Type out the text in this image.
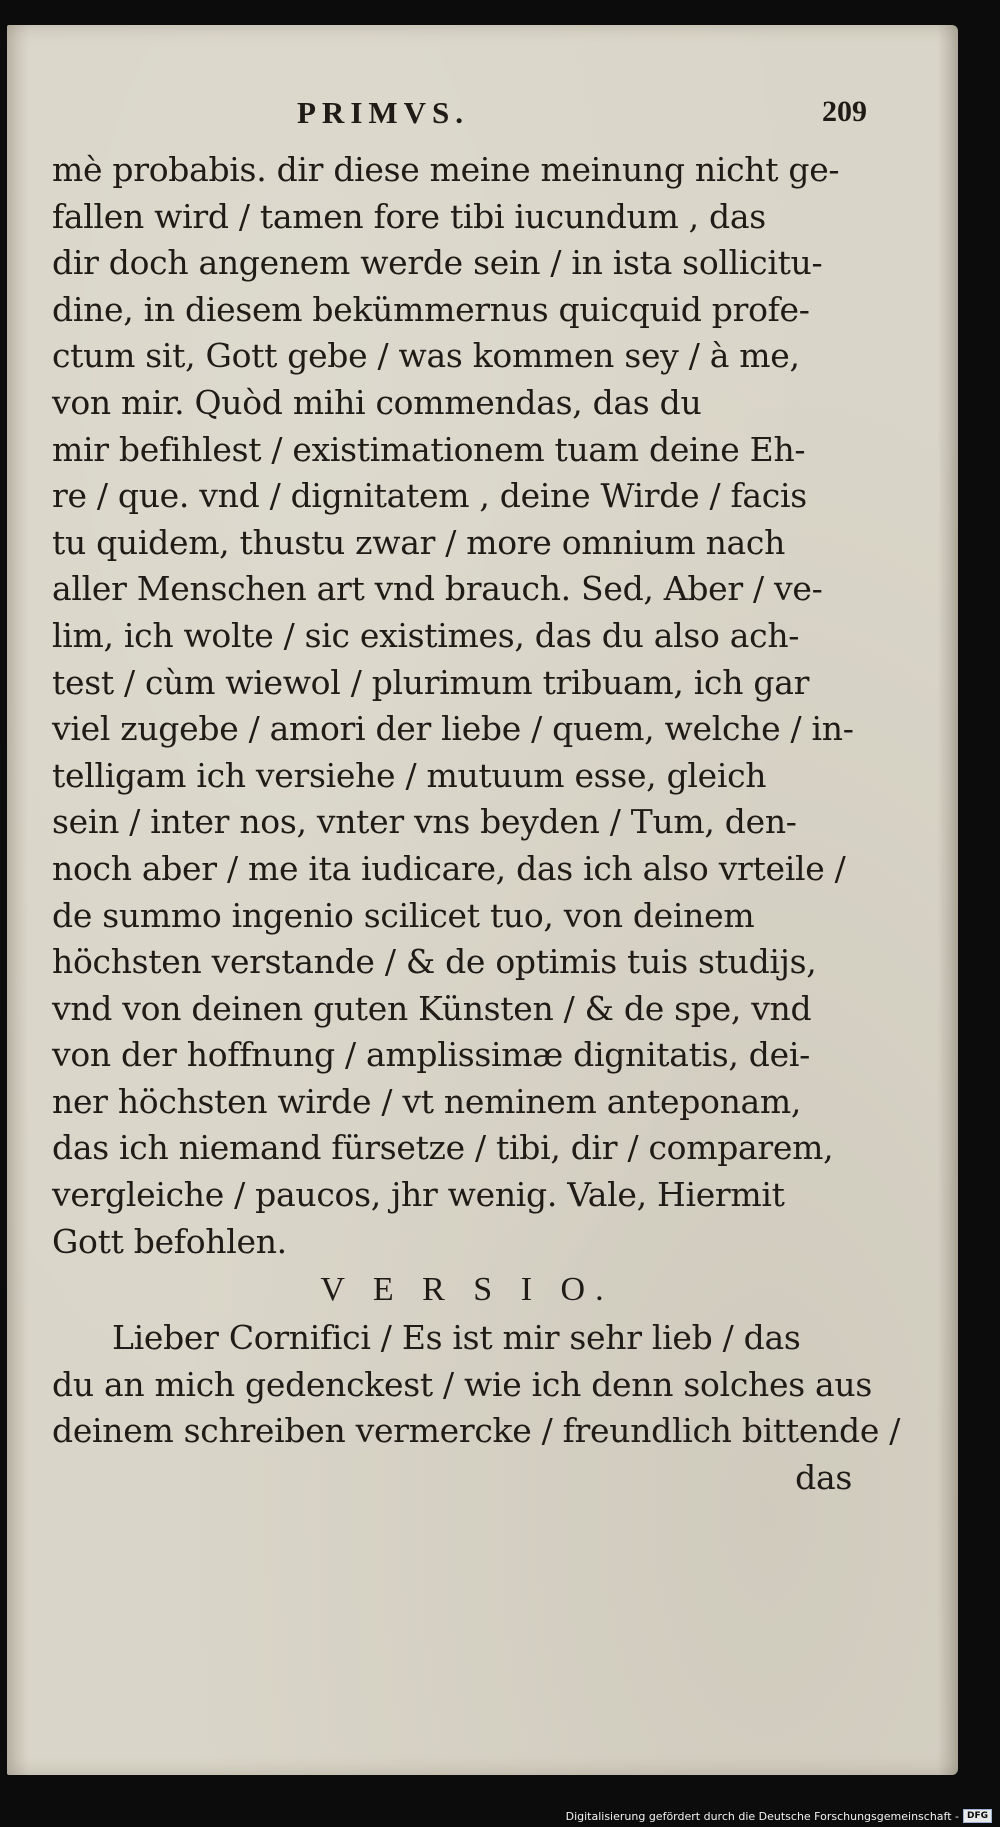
PRIMVS.	209
mè probabis. dir diese meine meinung nicht ge-
fallen wird / tamen fore tibi iucundum , das
dir doch angenem werde sein / in ista sollicitu-
dine, in diesem bekümmernus quicquid profe-
ctum sit, Gott gebe / was kommen sey / à me,
von mir. Quòd mihi commendas, das du
mir befihlest / existimationem tuam deine Eh-
re / que. vnd / dignitatem , deine Wirde / facis
tu quidem, thustu zwar / more omnium nach
aller Menschen art vnd brauch. Sed, Aber / ve-
lim, ich wolte / sic existimes, das du also ach-
test / cùm wiewol / plurimum tribuam, ich gar
viel zugebe / amori der liebe / quem, welche / in-
telligam ich versiehe / mutuum esse, gleich
sein / inter nos, vnter vns beyden / Tum, den-
noch aber / me ita iudicare, das ich also vrteile /
de summo ingenio scilicet tuo, von deinem
höchsten verstande / & de optimis tuis studijs,
vnd von deinen guten Künsten / & de spe, vnd
von der hoffnung / amplissimæ dignitatis, dei-
ner höchsten wirde / vt neminem anteponam,
das ich niemand fürsetze / tibi, dir / comparem,
vergleiche / paucos, jhr wenig. Vale, Hiermit
Gott befohlen.
V E R S I O.
Lieber Cornifici / Es ist mir sehr lieb / das
du an mich gedenckest / wie ich denn solches aus
deinem schreiben vermercke / freundlich bittende /
das
Digitalisierung gefördert durch die Deutsche Forschungsgemeinschaft - DFG
